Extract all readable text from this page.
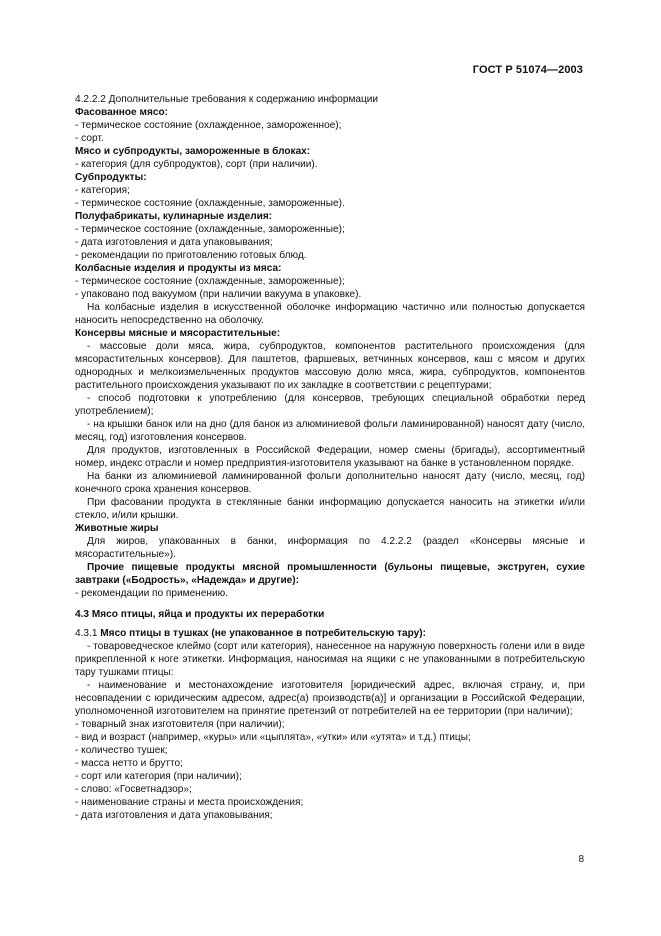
ГОСТ Р 51074—2003

4.2.2.2 Дополнительные требования к содержанию информации

Фасованное мясо:

- термическое состояние (охлажденное, замороженное);

- сорт.

Мясо и субпродукты, замороженные в блоках:

- категория (для субпродуктов), сорт (при наличии).

Субпродукты:

- категория;

- термическое состояние (охлажденные, замороженные).

Полуфабрикаты, кулинарные изделия:

- термическое состояние (охлажденные, замороженные);

- дата изготовления и дата упаковывания;

- рекомендации по приготовлению готовых блюд.

Колбасные изделия и продукты из мяса:

- термическое состояние (охлажденные, замороженные);

- упаковано под вакуумом (при наличии вакуума в упаковке).

На колбасные изделия в искусственной оболочке информацию частично или полностью допускается наносить непосредственно на оболочку.

Консервы мясные и мясорастительные:

- массовые доли мяса, жира, субпродуктов, компонентов растительного происхождения (для мясорастительных консервов). Для паштетов, фаршевых, ветчинных консервов, каш с мясом и других однородных и мелкоизмельченных продуктов массовую долю мяса, жира, субпродуктов, компонентов растительного происхождения указывают по их закладке в соответствии с рецептурами;

- способ подготовки к употреблению (для консервов, требующих специальной обработки перед употреблением);

- на крышки банок или на дно (для банок из алюминиевой фольги ламинированной) наносят дату (число, месяц, год) изготовления консервов.

Для продуктов, изготовленных в Российской Федерации, номер смены (бригады), ассортиментный номер, индекс отрасли и номер предприятия-изготовителя указывают на банке в установленном порядке.

На банки из алюминиевой ламинированной фольги дополнительно наносят дату (число, месяц, год) конечного срока хранения консервов.

При фасовании продукта в стеклянные банки информацию допускается наносить на этикетки и/или стекло, и/или крышки.

Животные жиры

Для жиров, упакованных в банки, информация по 4.2.2.2 (раздел «Консервы мясные и мясорастительные»).

Прочие пищевые продукты мясной промышленности (бульоны пищевые, экструген, сухие завтраки («Бодрость», «Надежда» и другие):

- рекомендации по применению.

4.3 Мясо птицы, яйца и продукты их переработки

4.3.1 Мясо птицы в тушках (не упакованное в потребительскую тару):

- товароведческое клеймо (сорт или категория), нанесенное на наружную поверхность голени или в виде прикрепленной к ноге этикетки. Информация, наносимая на ящики с не упакованными в потребительскую тару тушками птицы:

- наименование и местонахождение изготовителя [юридический адрес, включая страну, и, при несовпадении с юридическим адресом, адрес(а) производств(а)] и организации в Российской Федерации, уполномоченной изготовителем на принятие претензий от потребителей на ее территории (при наличии);

- товарный знак изготовителя (при наличии);

- вид и возраст (например, «куры» или «цыплята», «утки» или «утята» и т.д.) птицы;

- количество тушек;

- масса нетто и брутто;

- сорт или категория (при наличии);

- слово: «Госветнадзор»;

- наименование страны и места происхождения;

- дата изготовления и дата упаковывания;

8
